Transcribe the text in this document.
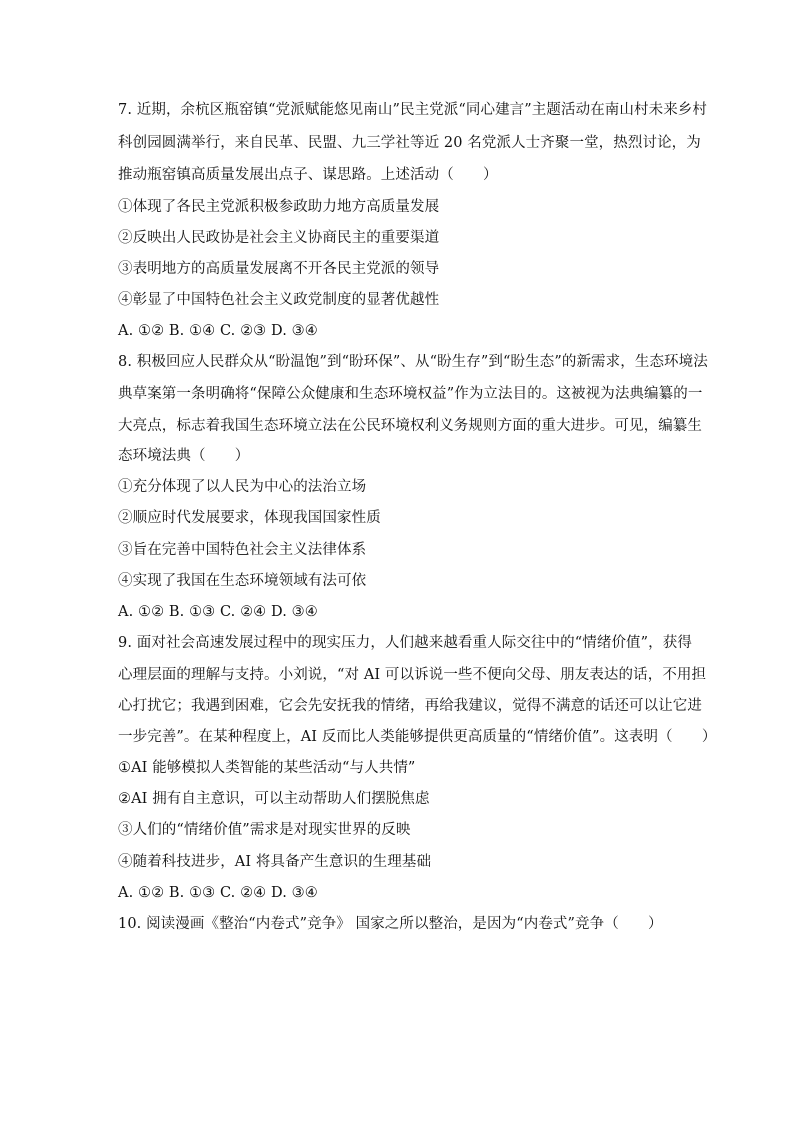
7. 近期，余杭区瓶窑镇“党派赋能悠见南山”民主党派“同心建言”主题活动在南山村未来乡村
科创园圆满举行，来自民革、民盟、九三学社等近 20 名党派人士齐聚一堂，热烈讨论，为
推动瓶窑镇高质量发展出点子、谋思路。上述活动（　　）
①体现了各民主党派积极参政助力地方高质量发展
②反映出人民政协是社会主义协商民主的重要渠道
③表明地方的高质量发展离不开各民主党派的领导
④彰显了中国特色社会主义政党制度的显著优越性
A. ①② B. ①④ C. ②③ D. ③④
8. 积极回应人民群众从“盼温饱”到“盼环保”、从“盼生存”到“盼生态”的新需求，生态环境法
典草案第一条明确将“保障公众健康和生态环境权益”作为立法目的。这被视为法典编纂的一
大亮点，标志着我国生态环境立法在公民环境权利义务规则方面的重大进步。可见，编纂生
态环境法典（　　）
①充分体现了以人民为中心的法治立场
②顺应时代发展要求，体现我国国家性质
③旨在完善中国特色社会主义法律体系
④实现了我国在生态环境领域有法可依
A. ①② B. ①③ C. ②④ D. ③④
9. 面对社会高速发展过程中的现实压力，人们越来越看重人际交往中的“情绪价值”，获得
心理层面的理解与支持。小刘说，“对 AI 可以诉说一些不便向父母、朋友表达的话，不用担
心打扰它；我遇到困难，它会先安抚我的情绪，再给我建议，觉得不满意的话还可以让它进
一步完善”。在某种程度上，AI 反而比人类能够提供更高质量的“情绪价值”。这表明（　　）
①AI 能够模拟人类智能的某些活动“与人共情”
②AI 拥有自主意识，可以主动帮助人们摆脱焦虑
③人们的“情绪价值”需求是对现实世界的反映
④随着科技进步，AI 将具备产生意识的生理基础
A. ①② B. ①③ C. ②④ D. ③④
10. 阅读漫画《整治“内卷式”竞争》 国家之所以整治，是因为“内卷式”竞争（　　）
